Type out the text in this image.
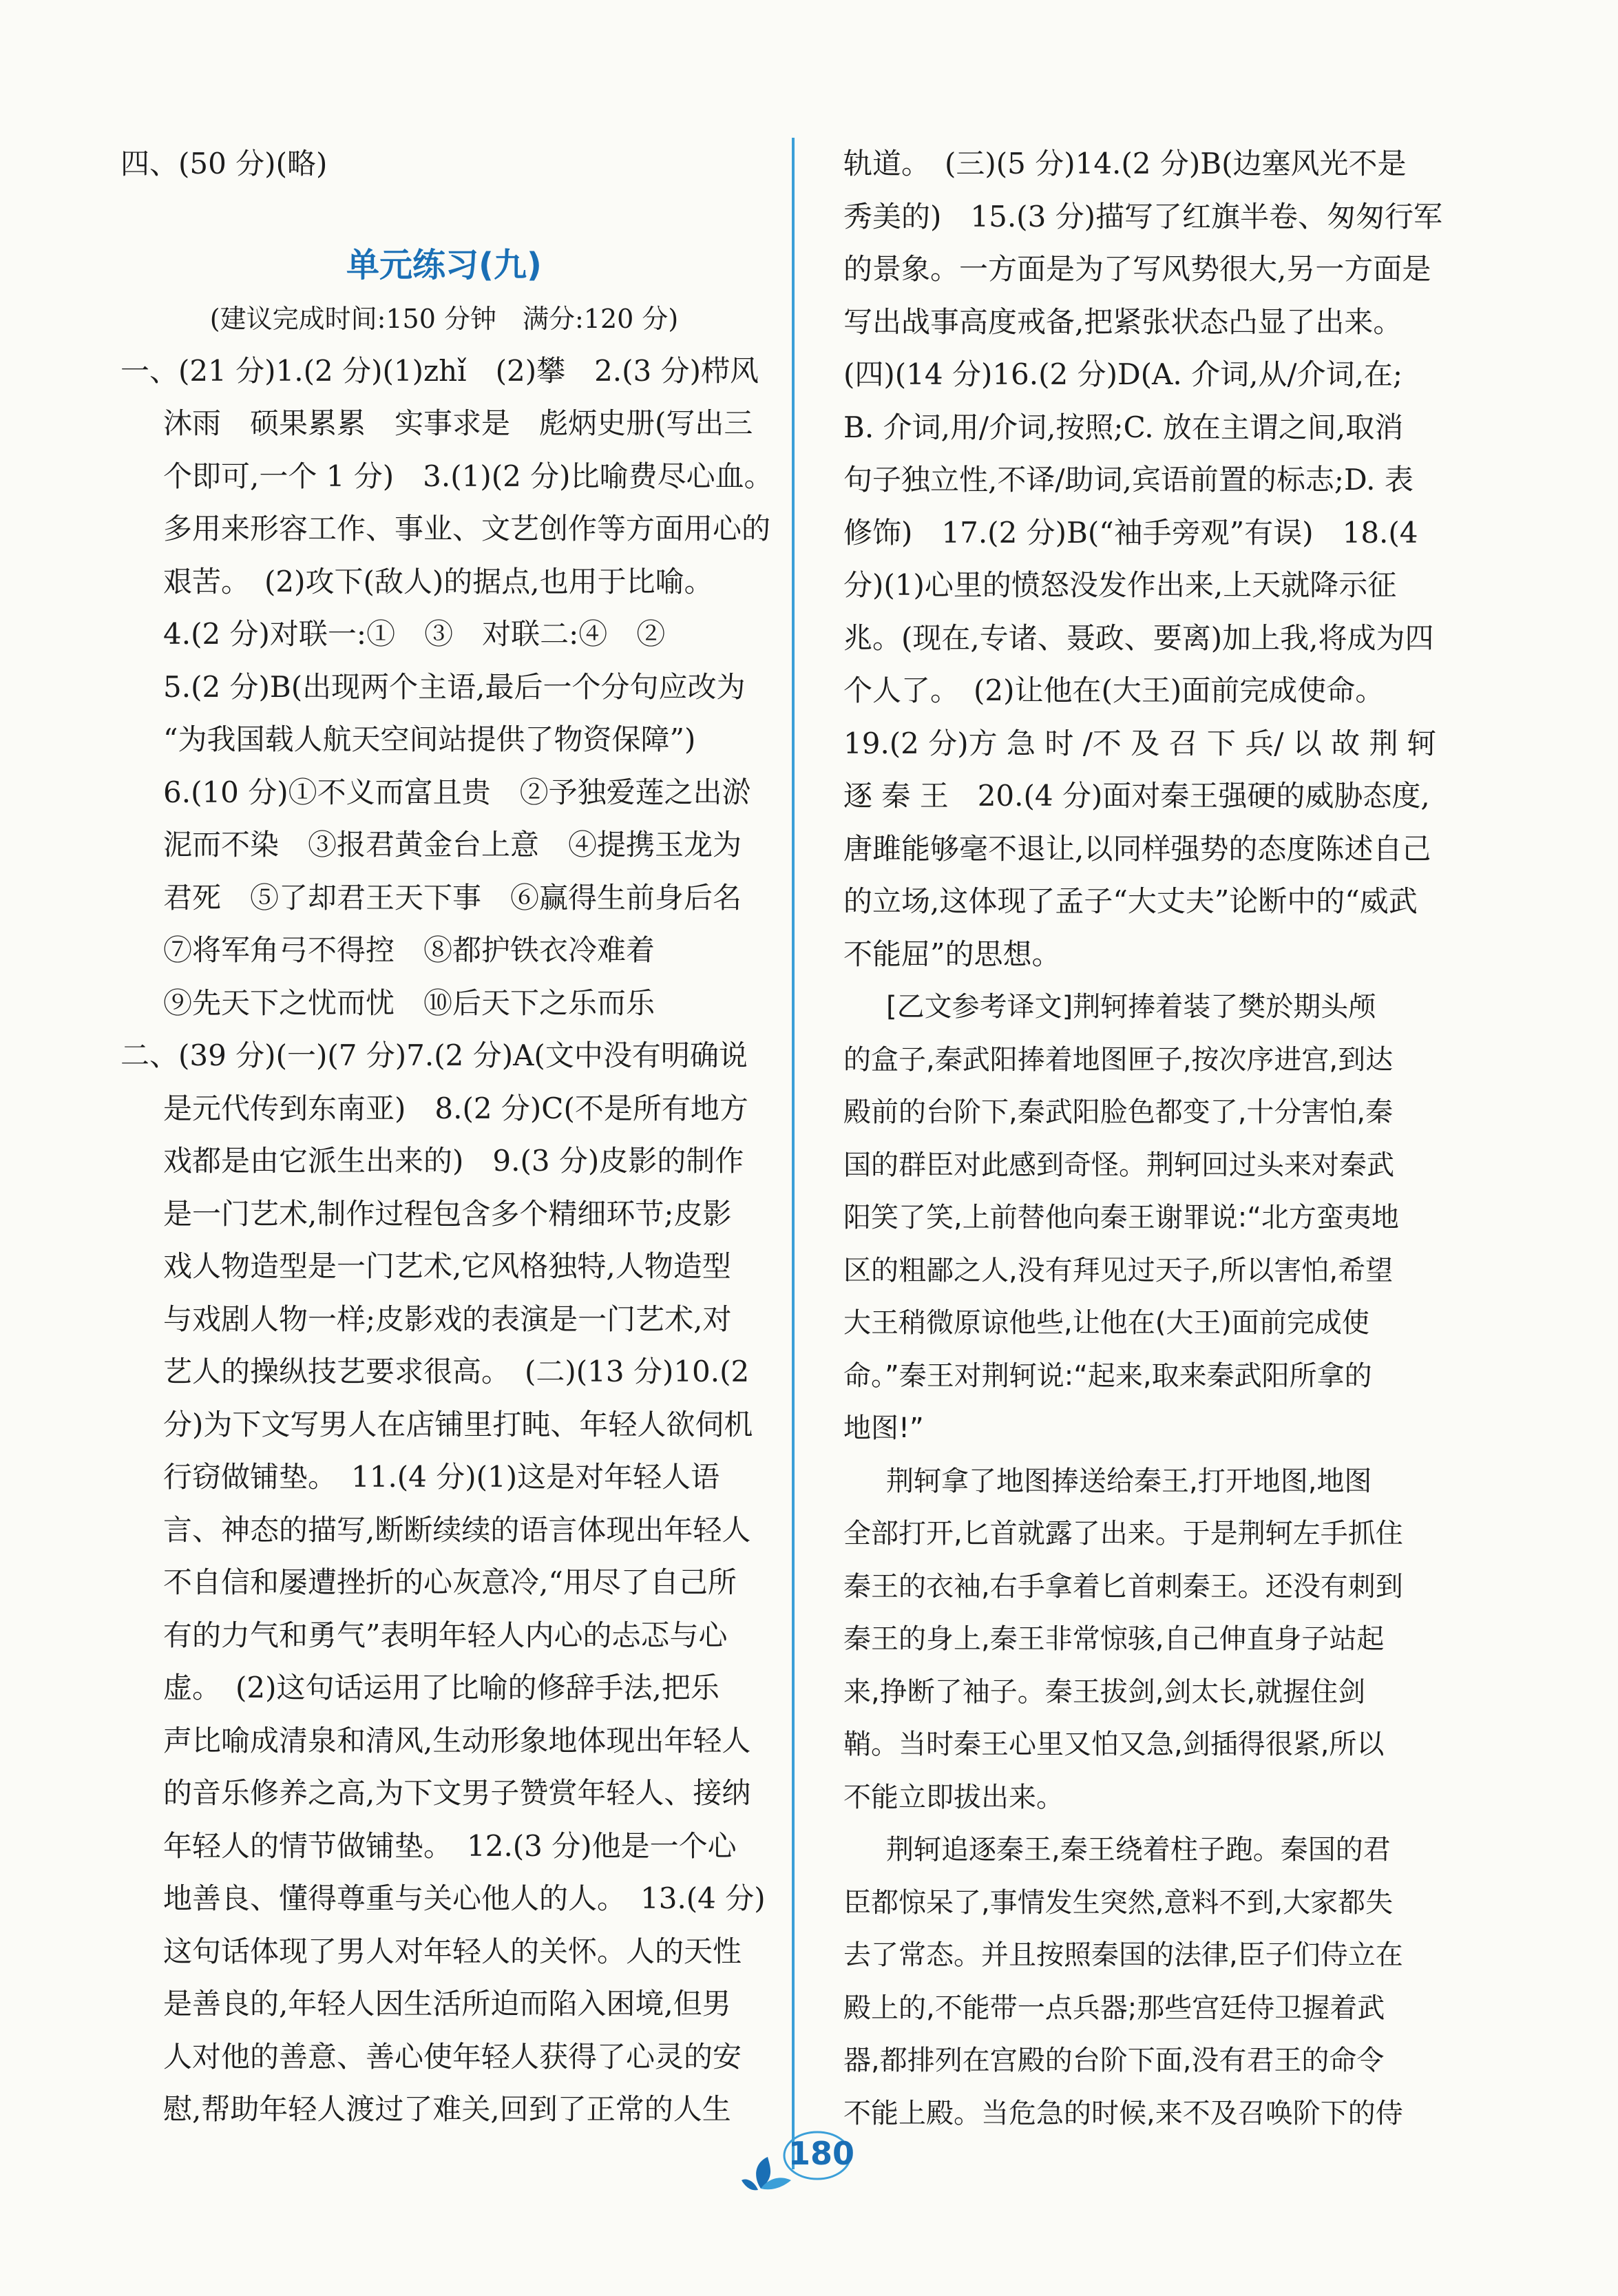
四、(50 分)(略)
单元练习(九)
(建议完成时间:150 分钟　满分:120 分)
一、(21 分)1.(2 分)(1)zhǐ　(2)攀　2.(3 分)栉风
沐雨　硕果累累　实事求是　彪炳史册(写出三
个即可,一个 1 分)　3.(1)(2 分)比喻费尽心血。
多用来形容工作、事业、文艺创作等方面用心的
艰苦。　(2)攻下(敌人)的据点,也用于比喻。
4.(2 分)对联一:①　③　对联二:④　②
5.(2 分)B(出现两个主语,最后一个分句应改为
“为我国载人航天空间站提供了物资保障”)
6.(10 分)①不义而富且贵　②予独爱莲之出淤
泥而不染　③报君黄金台上意　④提携玉龙为
君死　⑤了却君王天下事　⑥赢得生前身后名
⑦将军角弓不得控　⑧都护铁衣冷难着
⑨先天下之忧而忧　⑩后天下之乐而乐
二、(39 分)(一)(7 分)7.(2 分)A(文中没有明确说
是元代传到东南亚)　8.(2 分)C(不是所有地方
戏都是由它派生出来的)　9.(3 分)皮影的制作
是一门艺术,制作过程包含多个精细环节;皮影
戏人物造型是一门艺术,它风格独特,人物造型
与戏剧人物一样;皮影戏的表演是一门艺术,对
艺人的操纵技艺要求很高。　(二)(13 分)10.(2
分)为下文写男人在店铺里打盹、年轻人欲伺机
行窃做铺垫。　11.(4 分)(1)这是对年轻人语
言、神态的描写,断断续续的语言体现出年轻人
不自信和屡遭挫折的心灰意冷,“用尽了自己所
有的力气和勇气”表明年轻人内心的忐忑与心
虚。　(2)这句话运用了比喻的修辞手法,把乐
声比喻成清泉和清风,生动形象地体现出年轻人
的音乐修养之高,为下文男子赞赏年轻人、接纳
年轻人的情节做铺垫。　12.(3 分)他是一个心
地善良、懂得尊重与关心他人的人。　13.(4 分)
这句话体现了男人对年轻人的关怀。人的天性
是善良的,年轻人因生活所迫而陷入困境,但男
人对他的善意、善心使年轻人获得了心灵的安
慰,帮助年轻人渡过了难关,回到了正常的人生
轨道。　(三)(5 分)14.(2 分)B(边塞风光不是
秀美的)　15.(3 分)描写了红旗半卷、匆匆行军
的景象。一方面是为了写风势很大,另一方面是
写出战事高度戒备,把紧张状态凸显了出来。
(四)(14 分)16.(2 分)D(A. 介词,从/介词,在;
B. 介词,用/介词,按照;C. 放在主谓之间,取消
句子独立性,不译/助词,宾语前置的标志;D. 表
修饰)　17.(2 分)B(“袖手旁观”有误)　18.(4
分)(1)心里的愤怒没发作出来,上天就降示征
兆。(现在,专诸、聂政、要离)加上我,将成为四
个人了。　(2)让他在(大王)面前完成使命。
19.(2 分)方 急 时 /不 及 召 下 兵/ 以 故 荆 轲
逐 秦 王　20.(4 分)面对秦王强硬的威胁态度,
唐雎能够毫不退让,以同样强势的态度陈述自己
的立场,这体现了孟子“大丈夫”论断中的“威武
不能屈”的思想。
[乙文参考译文]荆轲捧着装了樊於期头颅
的盒子,秦武阳捧着地图匣子,按次序进宫,到达
殿前的台阶下,秦武阳脸色都变了,十分害怕,秦
国的群臣对此感到奇怪。荆轲回过头来对秦武
阳笑了笑,上前替他向秦王谢罪说:“北方蛮夷地
区的粗鄙之人,没有拜见过天子,所以害怕,希望
大王稍微原谅他些,让他在(大王)面前完成使
命。”秦王对荆轲说:“起来,取来秦武阳所拿的
地图!”
荆轲拿了地图捧送给秦王,打开地图,地图
全部打开,匕首就露了出来。于是荆轲左手抓住
秦王的衣袖,右手拿着匕首刺秦王。还没有刺到
秦王的身上,秦王非常惊骇,自己伸直身子站起
来,挣断了袖子。秦王拔剑,剑太长,就握住剑
鞘。当时秦王心里又怕又急,剑插得很紧,所以
不能立即拔出来。
荆轲追逐秦王,秦王绕着柱子跑。秦国的君
臣都惊呆了,事情发生突然,意料不到,大家都失
去了常态。并且按照秦国的法律,臣子们侍立在
殿上的,不能带一点兵器;那些宫廷侍卫握着武
器,都排列在宫殿的台阶下面,没有君王的命令
不能上殿。当危急的时候,来不及召唤阶下的侍
180
